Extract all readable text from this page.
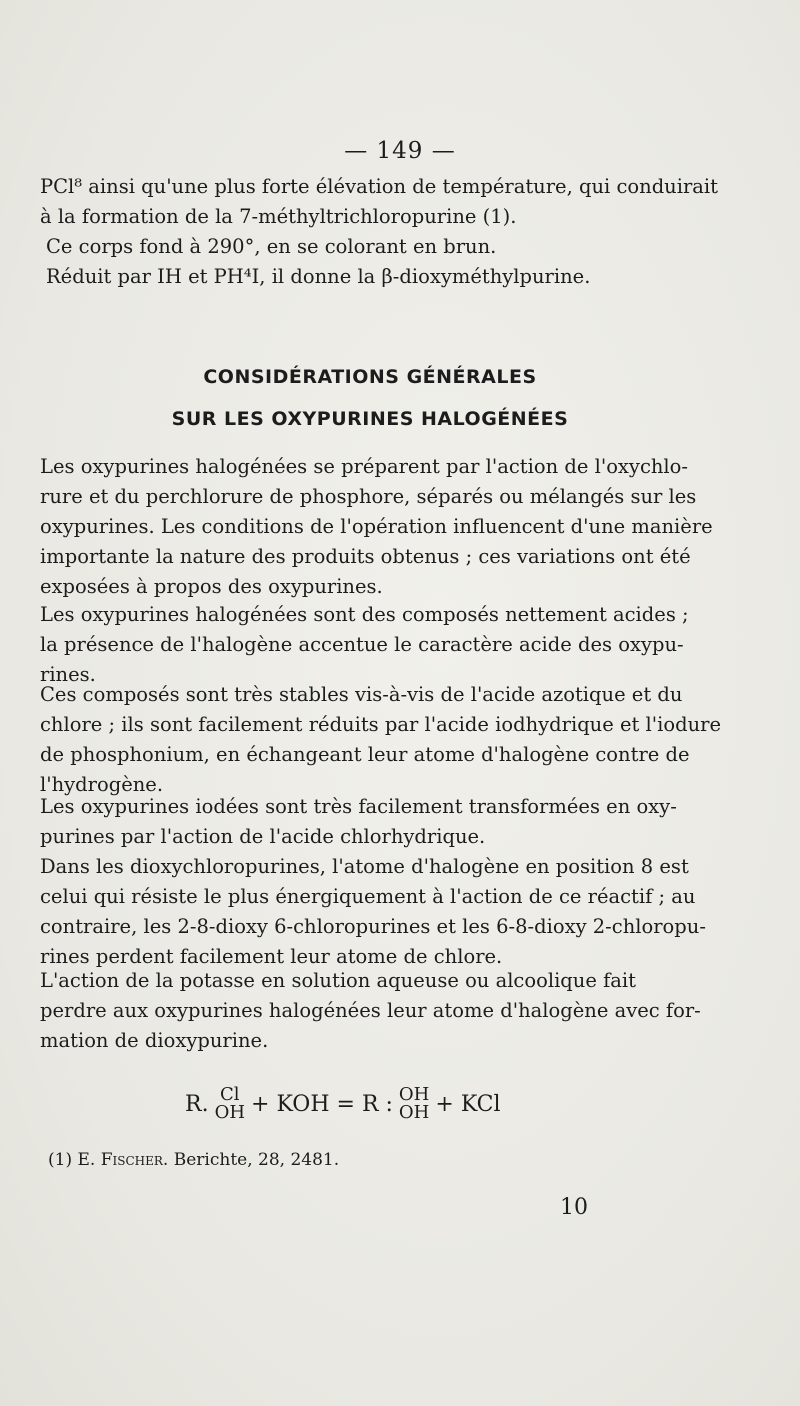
— 149 —
PCl⁸ ainsi qu'une plus forte élévation de température, qui conduirait
à la formation de la 7-méthyltrichloropurine (1).
Ce corps fond à 290°, en se colorant en brun.
Réduit par IH et PH⁴I, il donne la β-dioxyméthylpurine.
CONSIDÉRATIONS GÉNÉRALES
SUR LES OXYPURINES HALOGÉNÉES
Les oxypurines halogénées se préparent par l'action de l'oxychlo-
rure et du perchlorure de phosphore, séparés ou mélangés sur les
oxypurines. Les conditions de l'opération influencent d'une manière
importante la nature des produits obtenus ; ces variations ont été
exposées à propos des oxypurines.
Les oxypurines halogénées sont des composés nettement acides ;
la présence de l'halogène accentue le caractère acide des oxypu-
rines.
Ces composés sont très stables vis-à-vis de l'acide azotique et du
chlore ; ils sont facilement réduits par l'acide iodhydrique et l'iodure
de phosphonium, en échangeant leur atome d'halogène contre de
l'hydrogène.
Les oxypurines iodées sont très facilement transformées en oxy-
purines par l'action de l'acide chlorhydrique.
Dans les dioxychloropurines, l'atome d'halogène en position 8 est
celui qui résiste le plus énergiquement à l'action de ce réactif ; au
contraire, les 2-8-dioxy 6-chloropurines et les 6-8-dioxy 2-chloropu-
rines perdent facilement leur atome de chlore.
L'action de la potasse en solution aqueuse ou alcoolique fait
perdre aux oxypurines halogénées leur atome d'halogène avec for-
mation de dioxypurine.
R. Cl
OH + KOH = R : OH
OH + KCl
(1) E. Fischer. Berichte, 28, 2481.
10
